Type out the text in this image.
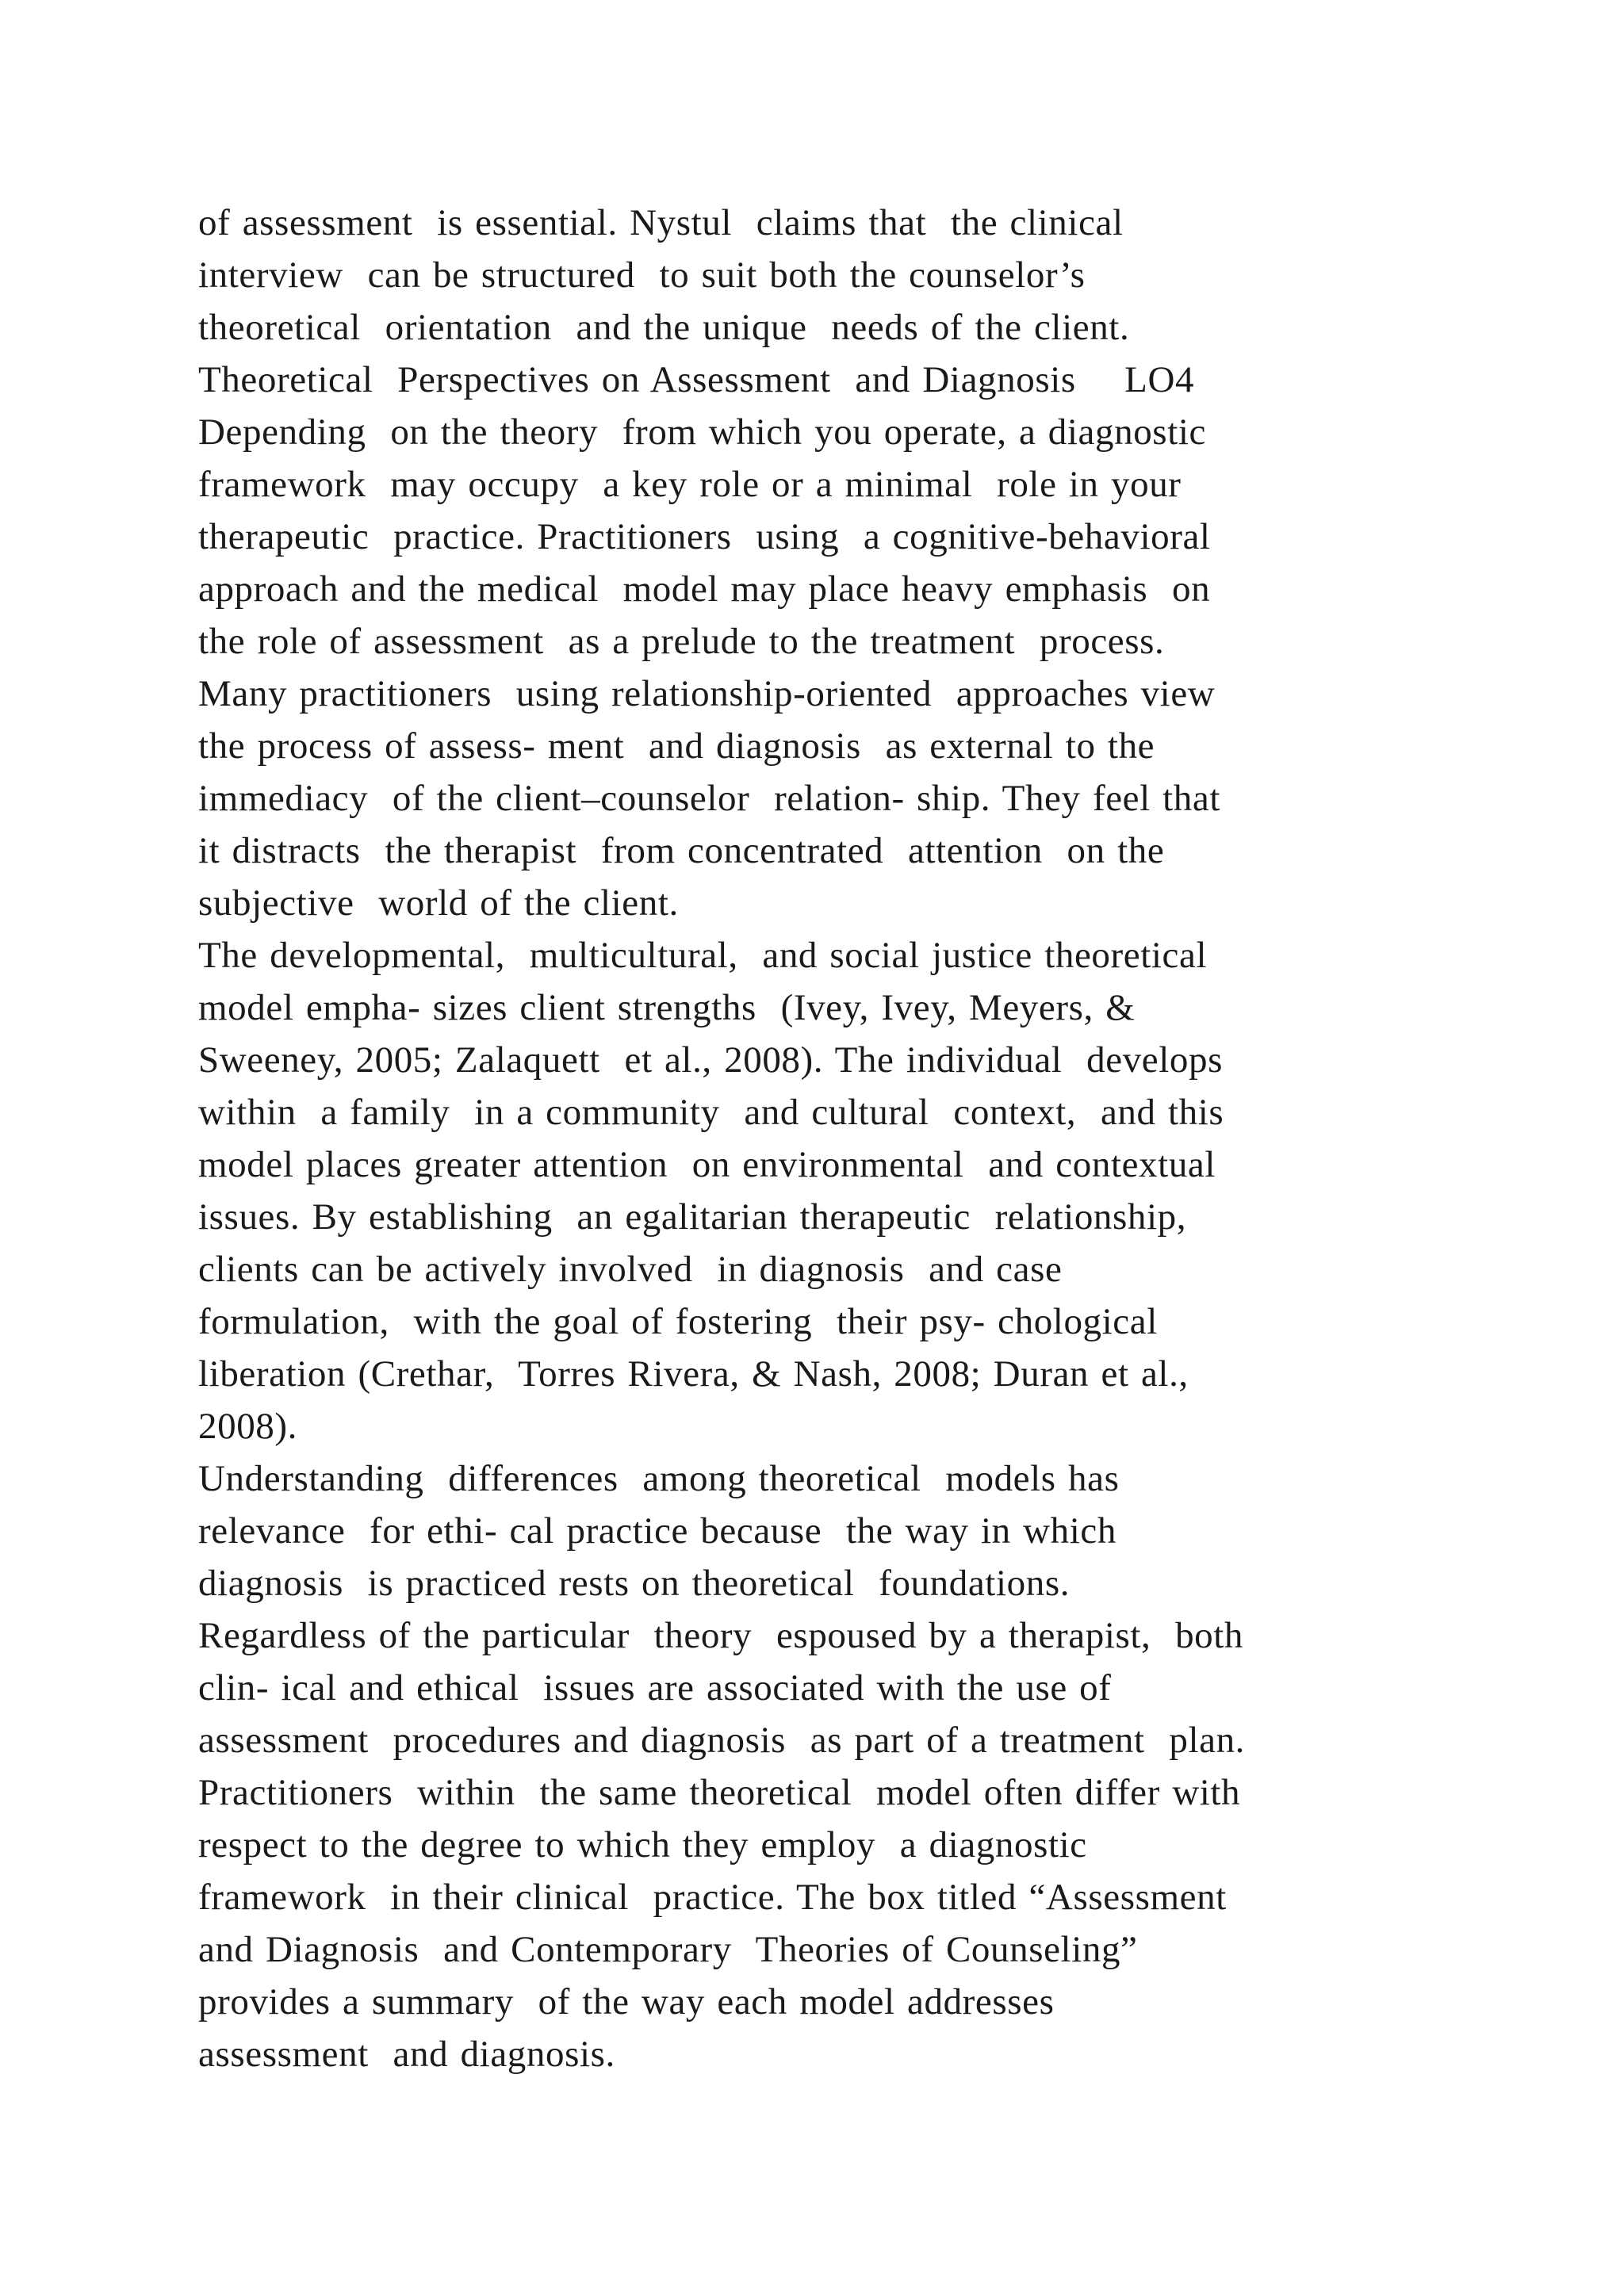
of assessment  is essential. Nystul  claims that  the clinical
interview  can be structured  to suit both the counselor’s
theoretical  orientation  and the unique  needs of the client.
Theoretical  Perspectives on Assessment  and Diagnosis    LO4
Depending  on the theory  from which you operate, a diagnostic
framework  may occupy  a key role or a minimal  role in your
therapeutic  practice. Practitioners  using  a cognitive-behavioral
approach and the medical  model may place heavy emphasis  on
the role of assessment  as a prelude to the treatment  process.
Many practitioners  using relationship-oriented  approaches view
the process of assess- ment  and diagnosis  as external to the
immediacy  of the client–counselor  relation- ship. They feel that
it distracts  the therapist  from concentrated  attention  on the
subjective  world of the client.
The developmental,  multicultural,  and social justice theoretical
model empha- sizes client strengths  (Ivey, Ivey, Meyers, &
Sweeney, 2005; Zalaquett  et al., 2008). The individual  develops
within  a family  in a community  and cultural  context,  and this
model places greater attention  on environmental  and contextual
issues. By establishing  an egalitarian therapeutic  relationship,
clients can be actively involved  in diagnosis  and case
formulation,  with the goal of fostering  their psy- chological
liberation (Crethar,  Torres Rivera, & Nash, 2008; Duran et al.,
2008).
Understanding  differences  among theoretical  models has
relevance  for ethi- cal practice because  the way in which
diagnosis  is practiced rests on theoretical  foundations.
Regardless of the particular  theory  espoused by a therapist,  both
clin- ical and ethical  issues are associated with the use of
assessment  procedures and diagnosis  as part of a treatment  plan.
Practitioners  within  the same theoretical  model often differ with
respect to the degree to which they employ  a diagnostic
framework  in their clinical  practice. The box titled “Assessment
and Diagnosis  and Contemporary  Theories of Counseling”
provides a summary  of the way each model addresses
assessment  and diagnosis.
